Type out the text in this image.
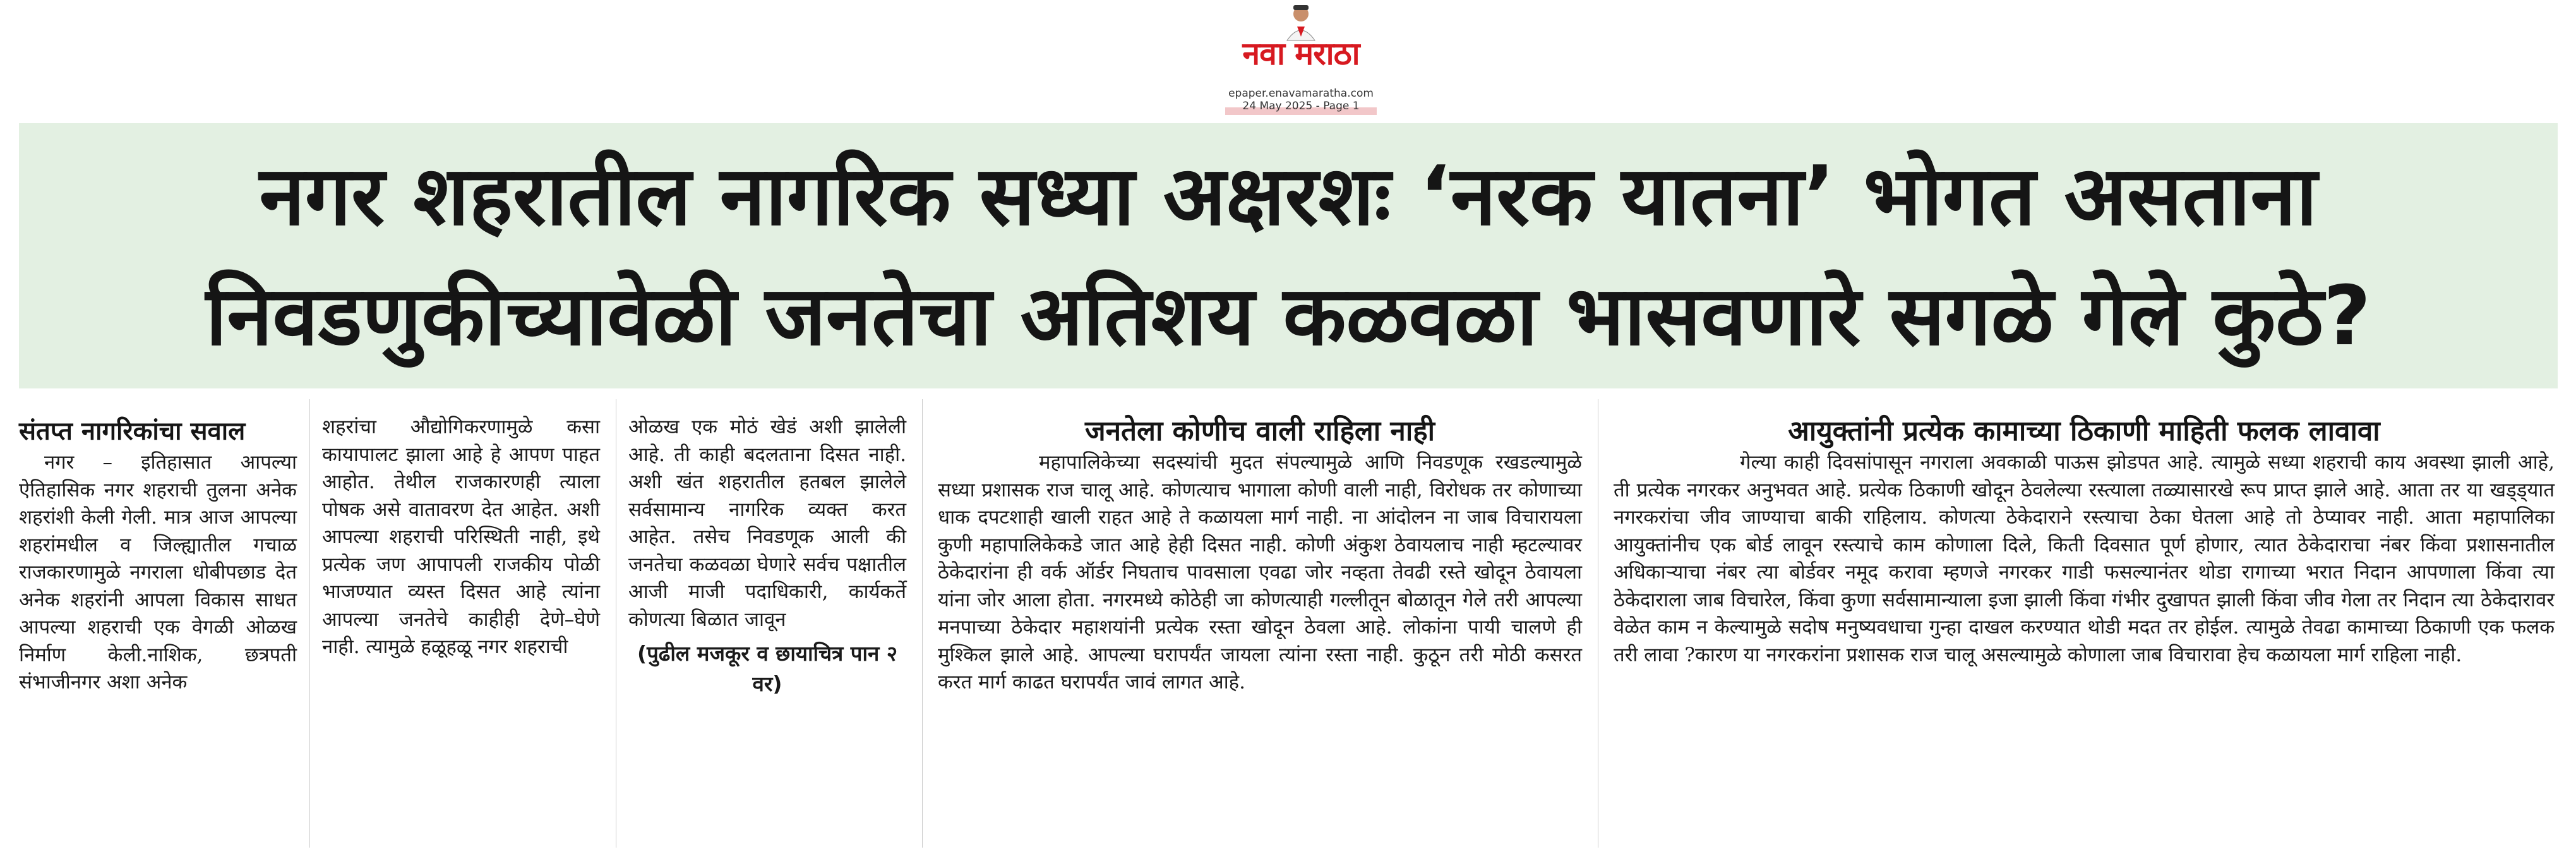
नवा मराठा
epaper.enavamaratha.com
24 May 2025 - Page 1
नगर शहरातील नागरिक सध्या अक्षरशः ‘नरक यातना’ भोगत असताना
निवडणुकीच्यावेळी जनतेचा अतिशय कळवळा भासवणारे सगळे गेले कुठे?
संतप्त नागरिकांचा सवाल

नगर – इतिहासात आपल्या ऐतिहासिक नगर शहराची तुलना अनेक शहरांशी केली गेली. मात्र आज आपल्या शहरांमधील व जिल्ह्यातील गचाळ राजकारणामुळे नगराला धोबीपछाड देत अनेक शहरांनी आपला विकास साधत आपल्या शहराची एक वेगळी ओळख निर्माण केली.नाशिक, छत्रपती संभाजीनगर अशा अनेक

शहरांचा औद्योगिकरणामुळे कसा कायापालट झाला आहे हे आपण पाहत आहोत. तेथील राजकारणही त्याला पोषक असे वातावरण देत आहेत. अशी आपल्या शहराची परिस्थिती नाही, इथे प्रत्येक जण आपापली राजकीय पोळी भाजण्यात व्यस्त दिसत आहे त्यांना आपल्या जनतेचे काहीही देणे–घेणे नाही. त्यामुळे हळूहळू नगर शहराची

ओळख एक मोठं खेडं अशी झालेली आहे. ती काही बदलताना दिसत नाही. अशी खंत शहरातील हतबल झालेले सर्वसामान्य नागरिक व्यक्त करत आहेत. तसेच निवडणूक आली की जनतेचा कळवळा घेणारे सर्वच पक्षातील आजी माजी पदाधिकारी, कार्यकर्ते कोणत्या बिळात जावून

(पुढील मजकूर व छायाचित्र पान २ वर)
जनतेला कोणीच वाली राहिला नाही

महापालिकेच्या सदस्यांची मुदत संपल्यामुळे आणि निवडणूक रखडल्यामुळे सध्या प्रशासक राज चालू आहे. कोणत्याच भागाला कोणी वाली नाही, विरोधक तर कोणाच्या धाक दपटशाही खाली राहत आहे ते कळायला मार्ग नाही. ना आंदोलन ना जाब विचारायला कुणी महापालिकेकडे जात आहे हेही दिसत नाही. कोणी अंकुश ठेवायलाच नाही म्हटल्यावर ठेकेदारांना ही वर्क ऑर्डर निघताच पावसाला एवढा जोर नव्हता तेवढी रस्ते खोदून ठेवायला यांना जोर आला होता. नगरमध्ये कोठेही जा कोणत्याही गल्लीतून बोळातून गेले तरी आपल्या मनपाच्या ठेकेदार महाशयांनी प्रत्येक रस्ता खोदून ठेवला आहे. लोकांना पायी चालणे ही मुश्किल झाले आहे. आपल्या घरापर्यंत जायला त्यांना रस्ता नाही. कुठून तरी मोठी कसरत करत मार्ग काढत घरापर्यंत जावं लागत आहे.

आयुक्तांनी प्रत्येक कामाच्या ठिकाणी माहिती फलक लावावा

गेल्या काही दिवसांपासून नगराला अवकाळी पाऊस झोडपत आहे. त्यामुळे सध्या शहराची काय अवस्था झाली आहे, ती प्रत्येक नगरकर अनुभवत आहे. प्रत्येक ठिकाणी खोदून ठेवलेल्या रस्त्याला तळ्यासारखे रूप प्राप्त झाले आहे. आता तर या खड्ड्यात नगरकरांचा जीव जाण्याचा बाकी राहिलाय. कोणत्या ठेकेदाराने रस्त्याचा ठेका घेतला आहे तो ठेप्यावर नाही. आता महापालिका आयुक्तांनीच एक बोर्ड लावून रस्त्याचे काम कोणाला दिले, किती दिवसात पूर्ण होणार, त्यात ठेकेदाराचा नंबर किंवा प्रशासनातील अधिकाऱ्याचा नंबर त्या बोर्डवर नमूद करावा म्हणजे नगरकर गाडी फसल्यानंतर थोडा रागाच्या भरात निदान आपणाला किंवा त्या ठेकेदाराला जाब विचारेल, किंवा कुणा सर्वसामान्याला इजा झाली किंवा गंभीर दुखापत झाली किंवा जीव गेला तर निदान त्या ठेकेदारावर वेळेत काम न केल्यामुळे सदोष मनुष्यवधाचा गुन्हा दाखल करण्यात थोडी मदत तर होईल. त्यामुळे तेवढा कामाच्या ठिकाणी एक फलक तरी लावा ?कारण या नगरकरांना प्रशासक राज चालू असल्यामुळे कोणाला जाब विचारावा हेच कळायला मार्ग राहिला नाही.
